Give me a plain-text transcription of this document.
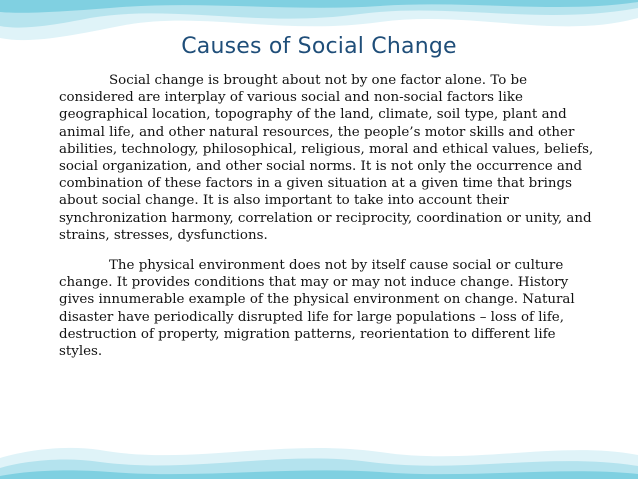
Causes of Social Change

Social change is brought about not by one factor alone. To be considered are interplay of various social and non-social factors like geographical location, topography of the land, climate, soil type, plant and animal life, and other natural resources, the people’s motor skills and other abilities, technology, philosophical, religious, moral and ethical values, beliefs, social organization, and other social norms. It is not only the occurrence and combination of these factors in a given situation at a given time that brings about social change. It is also important to take into account their synchronization harmony, correlation or reciprocity, coordination or unity, and strains, stresses, dysfunctions.

The physical environment does not by itself cause social or culture change. It provides conditions that may or may not induce change. History gives innumerable example of the physical environment on change. Natural disaster have periodically disrupted life for large populations – loss of life, destruction of property, migration patterns, reorientation to different life styles.
